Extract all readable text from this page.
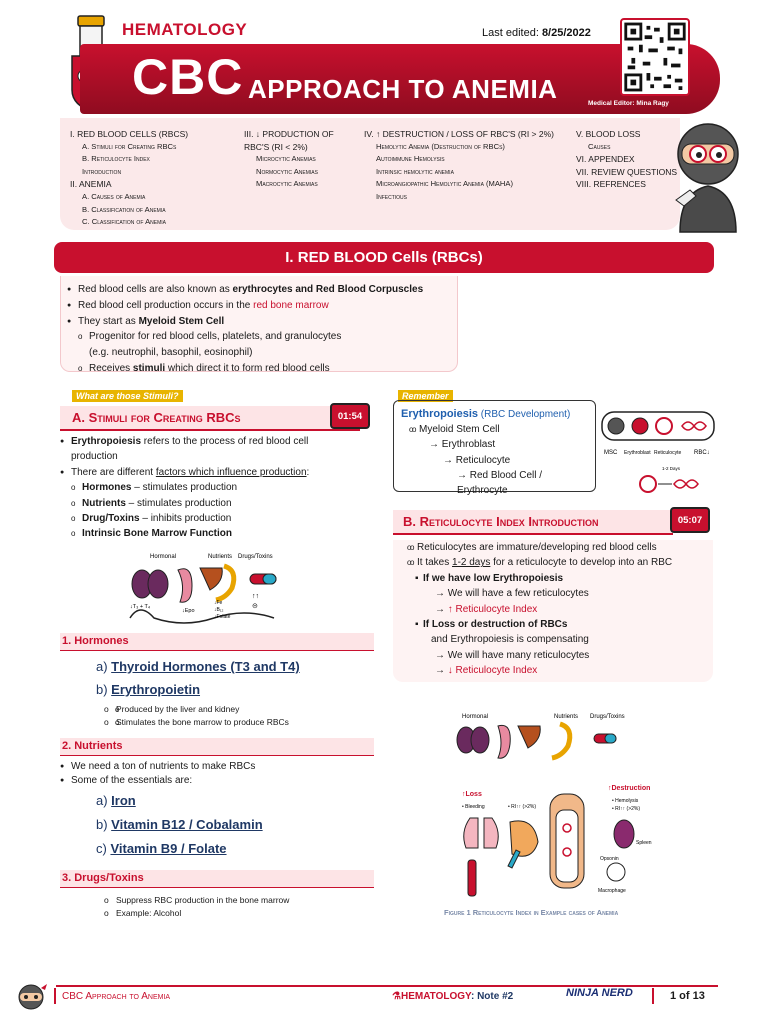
HEMATOLOGY	Last edited: 8/25/2022
CBC APPROACH TO ANEMIA	Medical Editor: Mina Ragy
I. RED BLOOD CELLS (RBCS)
A. Stimuli for Creating RBCs
B. Reticulocyte Index
Introduction
II. ANEMIA
A. Causes of Anemia
B. Classification of Anemia
C. Classification of Anemia
III. ↓ PRODUCTION OF
RBC'S (RI < 2%)
Microcytic Anemias
Normocytic Anemias
Macrocytic Anemias
IV. ↑ DESTRUCTION / LOSS OF RBC'S (RI > 2%)
Hemolytic Anemia (Destruction of RBCs)
Autoimmune Hemolysis
Intrinsic hemolytic anemia
Microangiopathic Hemolytic Anemia (MAHA)
Infectious
V. BLOOD LOSS
Causes
VI. APPENDEX
VII. REVIEW QUESTIONS
VIII. REFRENCES
I. RED BLOOD Cells (RBCs)
● Red blood cells are also known as erythrocytes and Red Blood Corpuscles
● Red blood cell production occurs in the red bone marrow
● They start as Myeloid Stem Cell
o Progenitor for red blood cells, platelets, and granulocytes
(e.g. neutrophil, basophil, eosinophil)
o Receives stimuli which direct it to form red blood cells
What are those Stimuli?
A. Stimuli for Creating RBCs	01:54
● Erythropoiesis refers to the process of red blood cell
production
● There are different factors which influence production:
o Hormones – stimulates production
o Nutrients – stimulates production
o Drug/Toxins – inhibits production
o Intrinsic Bone Marrow Function
Hormonal	Nutrients Drugs/Toxins
↓T₃ + T₄
↓Epo
↓Fe
↓B₁₂
↓Folate
↑↑
⊝
1. Hormones
a) Thyroid Hormones (T3 and T4)
b) Erythropoietin
o o Produced by the liver and kidney
o o Stimulates the bone marrow to produce RBCs
2. Nutrients
● We need a ton of nutrients to make RBCs
● Some of the essentials are:
a) Iron
b) Vitamin B12 / Cobalamin
c) Vitamin B9 / Folate
3. Drugs/Toxins
o Suppress RBC production in the bone marrow
o Example: Alcohol
Remember
Erythropoiesis (RBC Development)
o o Myeloid Stem Cell
→ Erythroblast
→ Reticulocyte
→ Red Blood Cell / Erythrocyte
MSC Erythroblast Reticulocyte RBC↓
1-2 Days
B. Reticulocyte Index Introduction	05:07
o o Reticulocytes are immature/developing red blood cells
o o It takes 1-2 days for a reticulocyte to develop into an RBC
▪ If we have low Erythropoiesis
→ We will have a few reticulocytes
→ ↑ Reticulocyte Index
▪ If Loss or destruction of RBCs
and Erythropoiesis is compensating
→ We will have many reticulocytes
→ ↓ Reticulocyte Index
Hormonal	Nutrients Drugs/Toxins
↑Loss
• Bleeding	• RI↑↑ (>2%)
↑Destruction
• Hemolysis
• RI↑↑ (>2%)
Spleen
Macrophage
Opsonin
Figure 1 Reticulocyte Index in Example cases of Anemia
CBC Approach to Anemia	⚗HEMATOLOGY: Note #2	NINJA NERD	1 of 13
